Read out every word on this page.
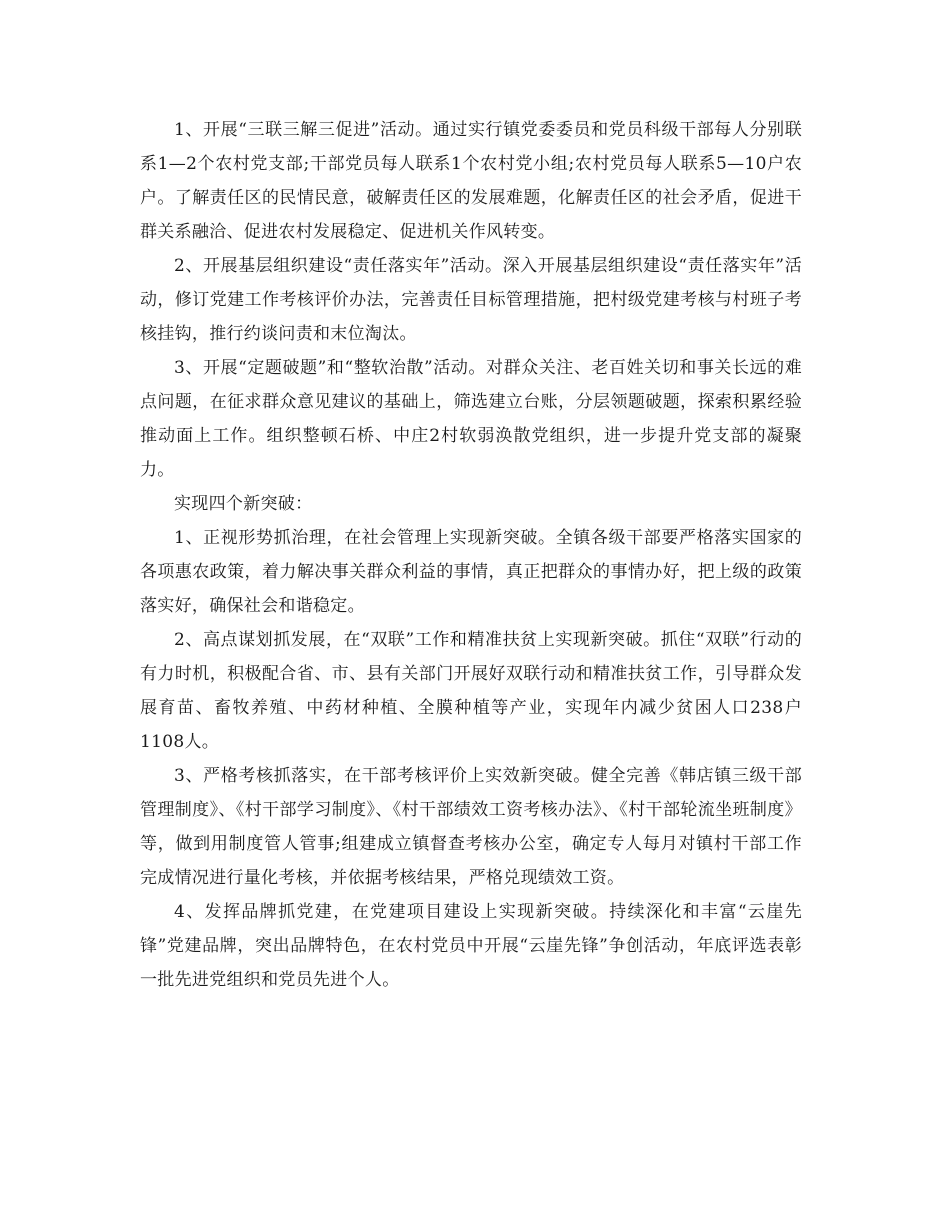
1、开展“三联三解三促进”活动。通过实行镇党委委员和党员科级干部每人分别联系1—2个农村党支部;干部党员每人联系1个农村党小组;农村党员每人联系5—10户农户。了解责任区的民情民意，破解责任区的发展难题，化解责任区的社会矛盾，促进干群关系融洽、促进农村发展稳定、促进机关作风转变。

2、开展基层组织建设“责任落实年”活动。深入开展基层组织建设“责任落实年”活动，修订党建工作考核评价办法，完善责任目标管理措施，把村级党建考核与村班子考核挂钩，推行约谈问责和末位淘汰。

3、开展“定题破题”和“整软治散”活动。对群众关注、老百姓关切和事关长远的难点问题，在征求群众意见建议的基础上，筛选建立台账，分层领题破题，探索积累经验推动面上工作。组织整顿石桥、中庄2村软弱涣散党组织，进一步提升党支部的凝聚力。

实现四个新突破：

1、正视形势抓治理，在社会管理上实现新突破。全镇各级干部要严格落实国家的各项惠农政策，着力解决事关群众利益的事情，真正把群众的事情办好，把上级的政策落实好，确保社会和谐稳定。

2、高点谋划抓发展，在“双联”工作和精准扶贫上实现新突破。抓住“双联”行动的有力时机，积极配合省、市、县有关部门开展好双联行动和精准扶贫工作，引导群众发展育苗、畜牧养殖、中药材种植、全膜种植等产业，实现年内减少贫困人口238户1108人。

3、严格考核抓落实，在干部考核评价上实效新突破。健全完善《韩店镇三级干部管理制度》、《村干部学习制度》、《村干部绩效工资考核办法》、《村干部轮流坐班制度》等，做到用制度管人管事;组建成立镇督查考核办公室，确定专人每月对镇村干部工作完成情况进行量化考核，并依据考核结果，严格兑现绩效工资。

4、发挥品牌抓党建，在党建项目建设上实现新突破。持续深化和丰富“云崖先锋”党建品牌，突出品牌特色，在农村党员中开展“云崖先锋”争创活动，年底评选表彰一批先进党组织和党员先进个人。
